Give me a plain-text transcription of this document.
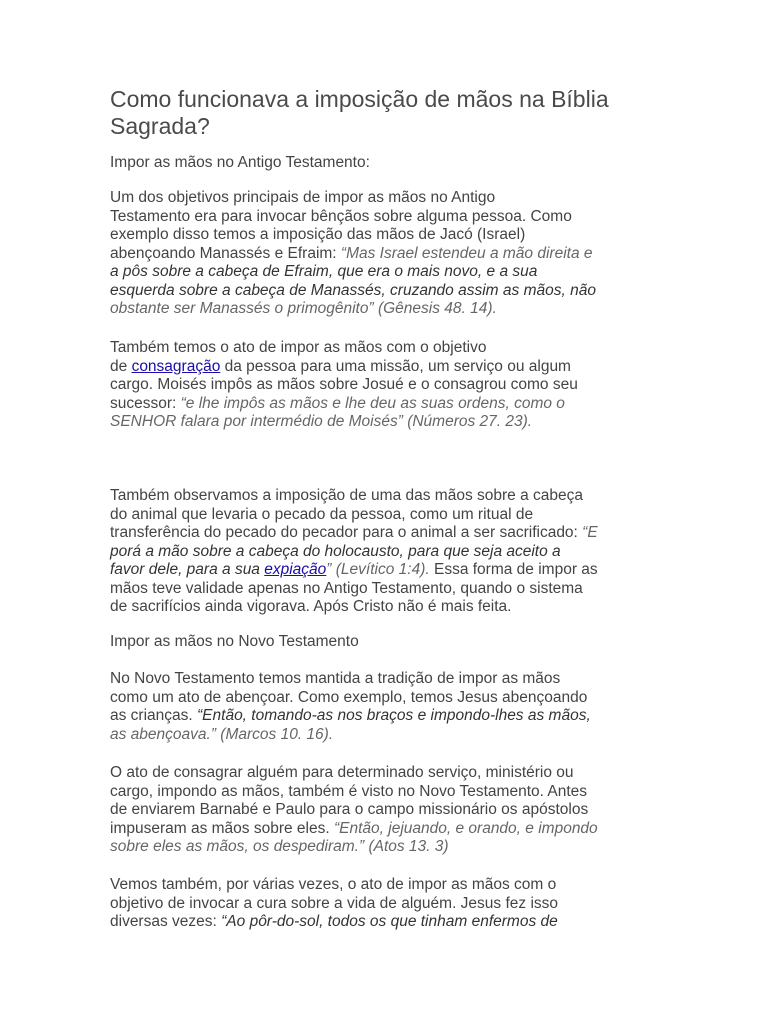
Como funcionava a imposição de mãos na Bíblia
Sagrada?
Impor as mãos no Antigo Testamento:
Um dos objetivos principais de impor as mãos no Antigo
Testamento era para invocar bênçãos sobre alguma pessoa. Como
exemplo disso temos a imposição das mãos de Jacó (Israel)
abençoando Manassés e Efraim: “Mas Israel estendeu a mão direita e
a pôs sobre a cabeça de Efraim, que era o mais novo, e a sua
esquerda sobre a cabeça de Manassés, cruzando assim as mãos, não
obstante ser Manassés o primogênito” (Gênesis 48. 14).
Também temos o ato de impor as mãos com o objetivo
de consagração da pessoa para uma missão, um serviço ou algum
cargo. Moisés impôs as mãos sobre Josué e o consagrou como seu
sucessor: “e lhe impôs as mãos e lhe deu as suas ordens, como o
SENHOR falara por intermédio de Moisés” (Números 27. 23).
Também observamos a imposição de uma das mãos sobre a cabeça
do animal que levaria o pecado da pessoa, como um ritual de
transferência do pecado do pecador para o animal a ser sacrificado: “E
porá a mão sobre a cabeça do holocausto, para que seja aceito a
favor dele, para a sua expiação” (Levítico 1:4). Essa forma de impor as
mãos teve validade apenas no Antigo Testamento, quando o sistema
de sacrifícios ainda vigorava. Após Cristo não é mais feita.
Impor as mãos no Novo Testamento
No Novo Testamento temos mantida a tradição de impor as mãos
como um ato de abençoar. Como exemplo, temos Jesus abençoando
as crianças. “Então, tomando-as nos braços e impondo-lhes as mãos,
as abençoava.” (Marcos 10. 16).
O ato de consagrar alguém para determinado serviço, ministério ou
cargo, impondo as mãos, também é visto no Novo Testamento. Antes
de enviarem Barnabé e Paulo para o campo missionário os apóstolos
impuseram as mãos sobre eles. “Então, jejuando, e orando, e impondo
sobre eles as mãos, os despediram.” (Atos 13. 3)
Vemos também, por várias vezes, o ato de impor as mãos com o
objetivo de invocar a cura sobre a vida de alguém. Jesus fez isso
diversas vezes: “Ao pôr-do-sol, todos os que tinham enfermos de
